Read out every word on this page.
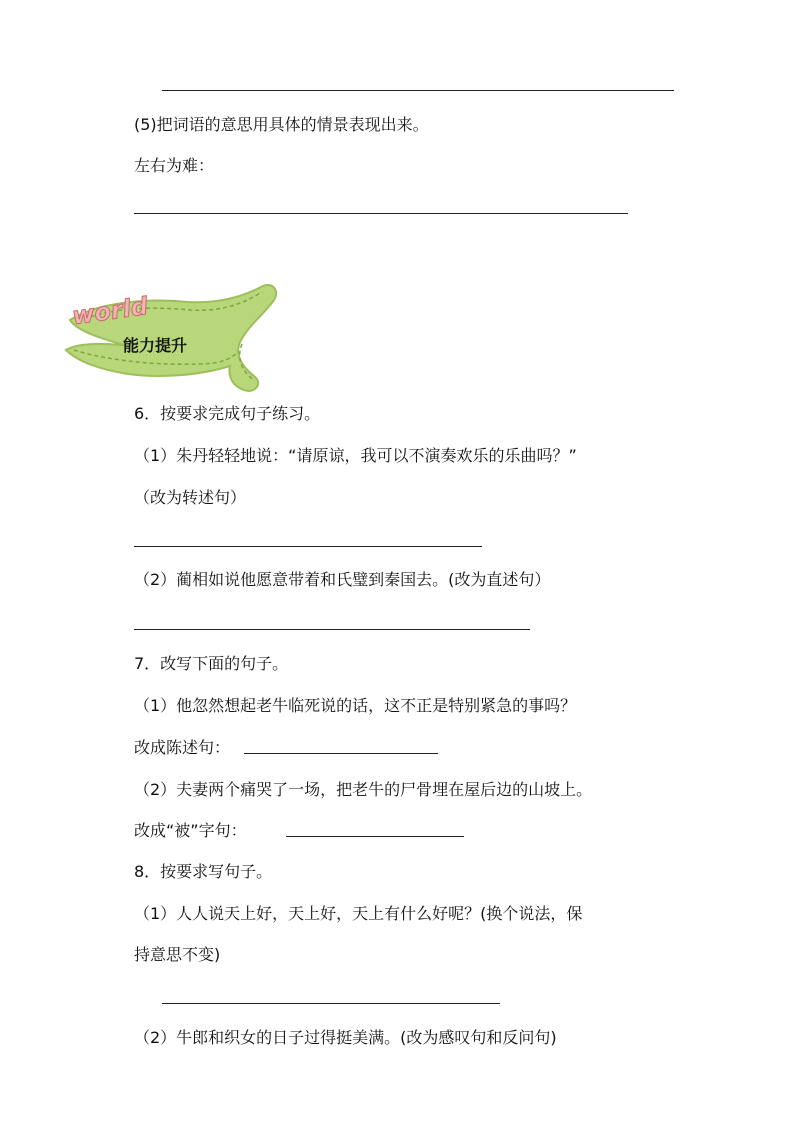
(5)把词语的意思用具体的情景表现出来。
左右为难：
world
能力提升
6．按要求完成句子练习。
（1）朱丹轻轻地说：“请原谅，我可以不演奏欢乐的乐曲吗？”
（改为转述句）
（2）蔺相如说他愿意带着和氏璧到秦国去。(改为直述句）
7．改写下面的句子。
（1）他忽然想起老牛临死说的话，这不正是特别紧急的事吗？
改成陈述句：
（2）夫妻两个痛哭了一场，把老牛的尸骨埋在屋后边的山坡上。
改成“被”字句：
8．按要求写句子。
（1）人人说天上好，天上好，天上有什么好呢？(换个说法，保
持意思不变)
（2）牛郎和织女的日子过得挺美满。(改为感叹句和反问句)
